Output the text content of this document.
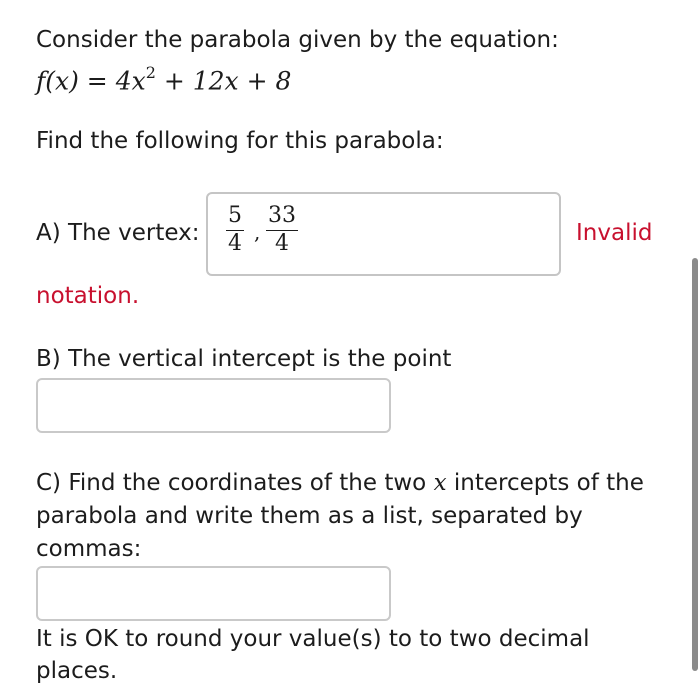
Consider the parabola given by the equation:
$f(x) = 4x^2 + 12x + 8$
Find the following for this parabola:
A) The vertex: $\frac{5}{4}$ , $\frac{33}{4}$	Invalid
notation.
B) The vertical intercept is the point
C) Find the coordinates of the two x intercepts of the
parabola and write them as a list, separated by
commas:
It is OK to round your value(s) to to two decimal
places.
